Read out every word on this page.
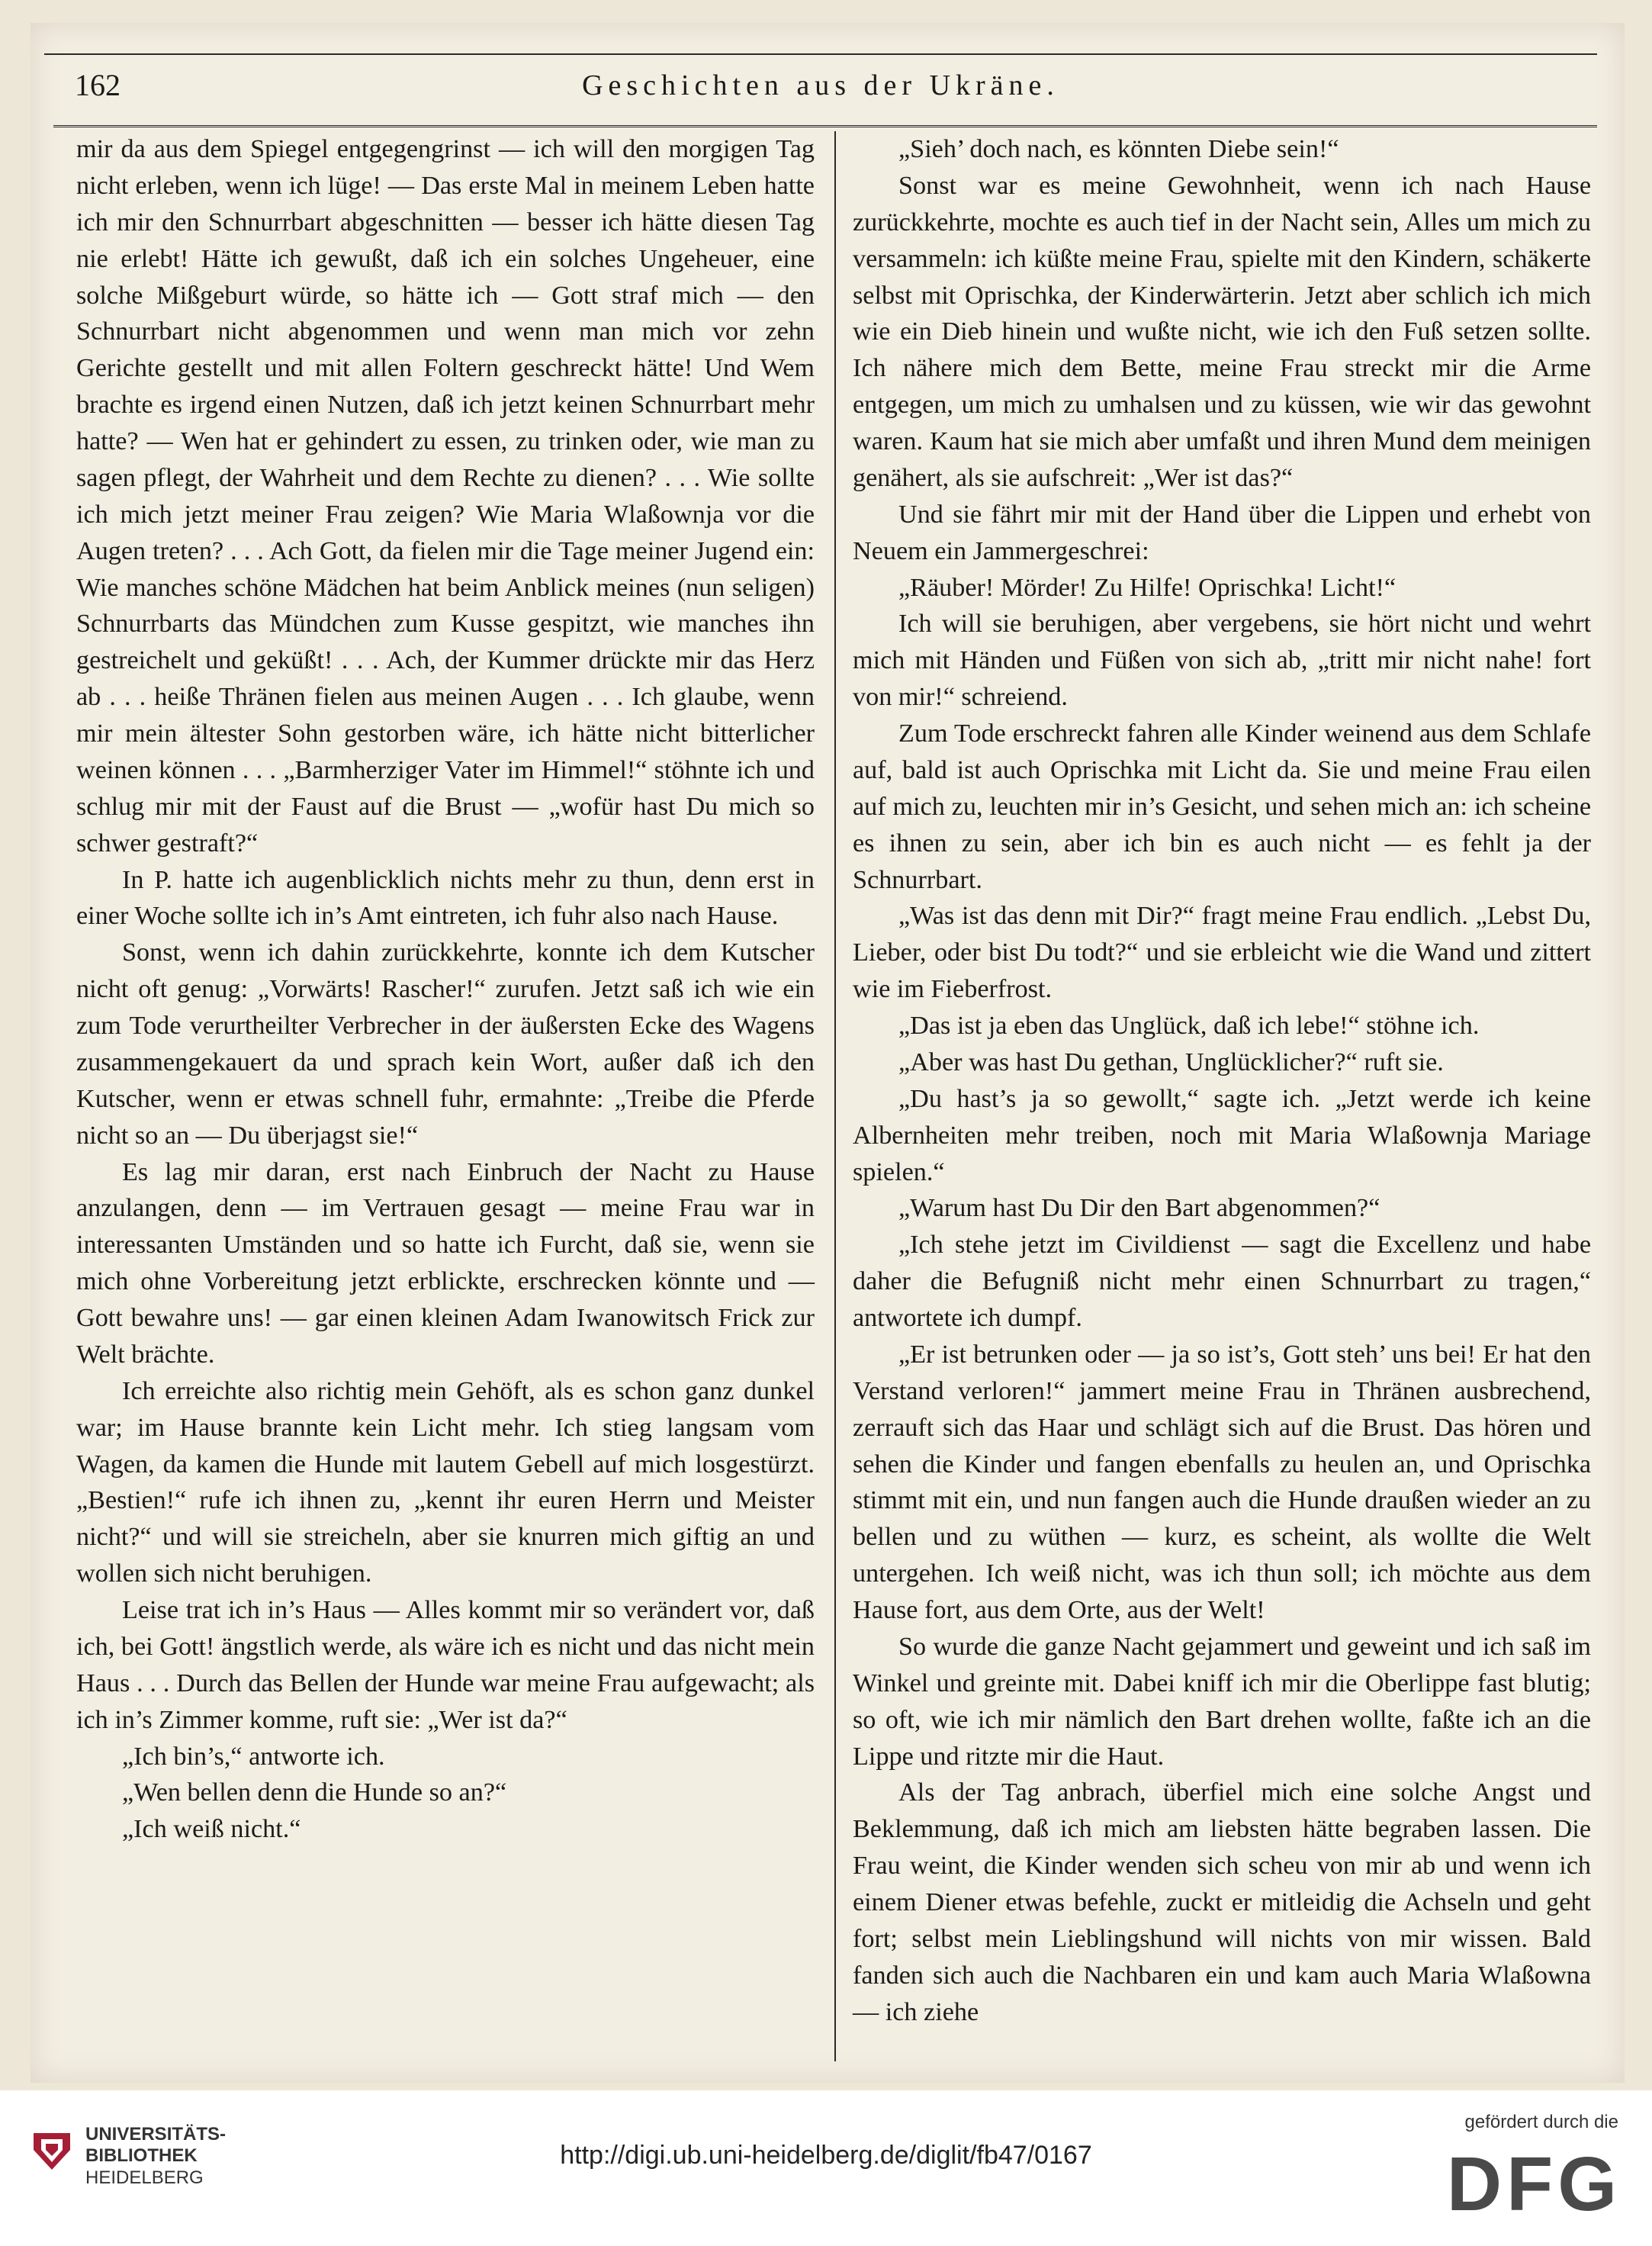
162	Geschichten aus der Ukräne.

mir da aus dem Spiegel entgegengrinst — ich will den morgigen Tag nicht erleben, wenn ich lüge! — Das erste Mal in meinem Leben hatte ich mir den Schnurrbart abgeschnitten — besser ich hätte diesen Tag nie erlebt! Hätte ich gewußt, daß ich ein solches Ungeheuer, eine solche Mißgeburt würde, so hätte ich — Gott straf mich — den Schnurrbart nicht abgenommen und wenn man mich vor zehn Gerichte gestellt und mit allen Foltern geschreckt hätte! Und Wem brachte es irgend einen Nutzen, daß ich jetzt keinen Schnurrbart mehr hatte? — Wen hat er gehindert zu essen, zu trinken oder, wie man zu sagen pflegt, der Wahrheit und dem Rechte zu dienen? . . . Wie sollte ich mich jetzt meiner Frau zeigen? Wie Maria Wlaßownja vor die Augen treten? . . . Ach Gott, da fielen mir die Tage meiner Jugend ein: Wie manches schöne Mädchen hat beim Anblick meines (nun seligen) Schnurrbarts das Mündchen zum Kusse gespitzt, wie manches ihn gestreichelt und geküßt! . . . Ach, der Kummer drückte mir das Herz ab . . . heiße Thränen fielen aus meinen Augen . . . Ich glaube, wenn mir mein ältester Sohn gestorben wäre, ich hätte nicht bitterlicher weinen können . . . „Barmherziger Vater im Himmel!“ stöhnte ich und schlug mir mit der Faust auf die Brust — „wofür hast Du mich so schwer gestraft?“

In P. hatte ich augenblicklich nichts mehr zu thun, denn erst in einer Woche sollte ich in’s Amt eintreten, ich fuhr also nach Hause.

Sonst, wenn ich dahin zurückkehrte, konnte ich dem Kutscher nicht oft genug: „Vorwärts! Rascher!“ zurufen. Jetzt saß ich wie ein zum Tode verurtheilter Verbrecher in der äußersten Ecke des Wagens zusammengekauert da und sprach kein Wort, außer daß ich den Kutscher, wenn er etwas schnell fuhr, ermahnte: „Treibe die Pferde nicht so an — Du überjagst sie!“

Es lag mir daran, erst nach Einbruch der Nacht zu Hause anzulangen, denn — im Vertrauen gesagt — meine Frau war in interessanten Umständen und so hatte ich Furcht, daß sie, wenn sie mich ohne Vorbereitung jetzt erblickte, erschrecken könnte und — Gott bewahre uns! — gar einen kleinen Adam Iwanowitsch Frick zur Welt brächte.

Ich erreichte also richtig mein Gehöft, als es schon ganz dunkel war; im Hause brannte kein Licht mehr. Ich stieg langsam vom Wagen, da kamen die Hunde mit lautem Gebell auf mich losgestürzt. „Bestien!“ rufe ich ihnen zu, „kennt ihr euren Herrn und Meister nicht?“ und will sie streicheln, aber sie knurren mich giftig an und wollen sich nicht beruhigen.

Leise trat ich in’s Haus — Alles kommt mir so verändert vor, daß ich, bei Gott! ängstlich werde, als wäre ich es nicht und das nicht mein Haus . . . Durch das Bellen der Hunde war meine Frau aufgewacht; als ich in’s Zimmer komme, ruft sie: „Wer ist da?“

„Ich bin’s,“ antworte ich.

„Wen bellen denn die Hunde so an?“

„Ich weiß nicht.“

„Sieh’ doch nach, es könnten Diebe sein!“

Sonst war es meine Gewohnheit, wenn ich nach Hause zurückkehrte, mochte es auch tief in der Nacht sein, Alles um mich zu versammeln: ich küßte meine Frau, spielte mit den Kindern, schäkerte selbst mit Oprischka, der Kinderwärterin. Jetzt aber schlich ich mich wie ein Dieb hinein und wußte nicht, wie ich den Fuß setzen sollte. Ich nähere mich dem Bette, meine Frau streckt mir die Arme entgegen, um mich zu umhalsen und zu küssen, wie wir das gewohnt waren. Kaum hat sie mich aber umfaßt und ihren Mund dem meinigen genähert, als sie aufschreit: „Wer ist das?“

Und sie fährt mir mit der Hand über die Lippen und erhebt von Neuem ein Jammergeschrei:

„Räuber! Mörder! Zu Hilfe! Oprischka! Licht!“

Ich will sie beruhigen, aber vergebens, sie hört nicht und wehrt mich mit Händen und Füßen von sich ab, „tritt mir nicht nahe! fort von mir!“ schreiend.

Zum Tode erschreckt fahren alle Kinder weinend aus dem Schlafe auf, bald ist auch Oprischka mit Licht da. Sie und meine Frau eilen auf mich zu, leuchten mir in’s Gesicht, und sehen mich an: ich scheine es ihnen zu sein, aber ich bin es auch nicht — es fehlt ja der Schnurrbart.

„Was ist das denn mit Dir?“ fragt meine Frau endlich. „Lebst Du, Lieber, oder bist Du todt?“ und sie erbleicht wie die Wand und zittert wie im Fieberfrost.

„Das ist ja eben das Unglück, daß ich lebe!“ stöhne ich.

„Aber was hast Du gethan, Unglücklicher?“ ruft sie.

„Du hast’s ja so gewollt,“ sagte ich. „Jetzt werde ich keine Albernheiten mehr treiben, noch mit Maria Wlaßownja Mariage spielen.“

„Warum hast Du Dir den Bart abgenommen?“

„Ich stehe jetzt im Civildienst — sagt die Excellenz und habe daher die Befugniß nicht mehr einen Schnurrbart zu tragen,“ antwortete ich dumpf.

„Er ist betrunken oder — ja so ist’s, Gott steh’ uns bei! Er hat den Verstand verloren!“ jammert meine Frau in Thränen ausbrechend, zerrauft sich das Haar und schlägt sich auf die Brust. Das hören und sehen die Kinder und fangen ebenfalls zu heulen an, und Oprischka stimmt mit ein, und nun fangen auch die Hunde draußen wieder an zu bellen und zu wüthen — kurz, es scheint, als wollte die Welt untergehen. Ich weiß nicht, was ich thun soll; ich möchte aus dem Hause fort, aus dem Orte, aus der Welt!

So wurde die ganze Nacht gejammert und geweint und ich saß im Winkel und greinte mit. Dabei kniff ich mir die Oberlippe fast blutig; so oft, wie ich mir nämlich den Bart drehen wollte, faßte ich an die Lippe und ritzte mir die Haut.

Als der Tag anbrach, überfiel mich eine solche Angst und Beklemmung, daß ich mich am liebsten hätte begraben lassen. Die Frau weint, die Kinder wenden sich scheu von mir ab und wenn ich einem Diener etwas befehle, zuckt er mitleidig die Achseln und geht fort; selbst mein Lieblingshund will nichts von mir wissen. Bald fanden sich auch die Nachbaren ein und kam auch Maria Wlaßowna — ich ziehe

UNIVERSITÄTS-
BIBLIOTHEK
HEIDELBERG
http://digi.ub.uni-heidelberg.de/diglit/fb47/0167
gefördert durch die
DFG
